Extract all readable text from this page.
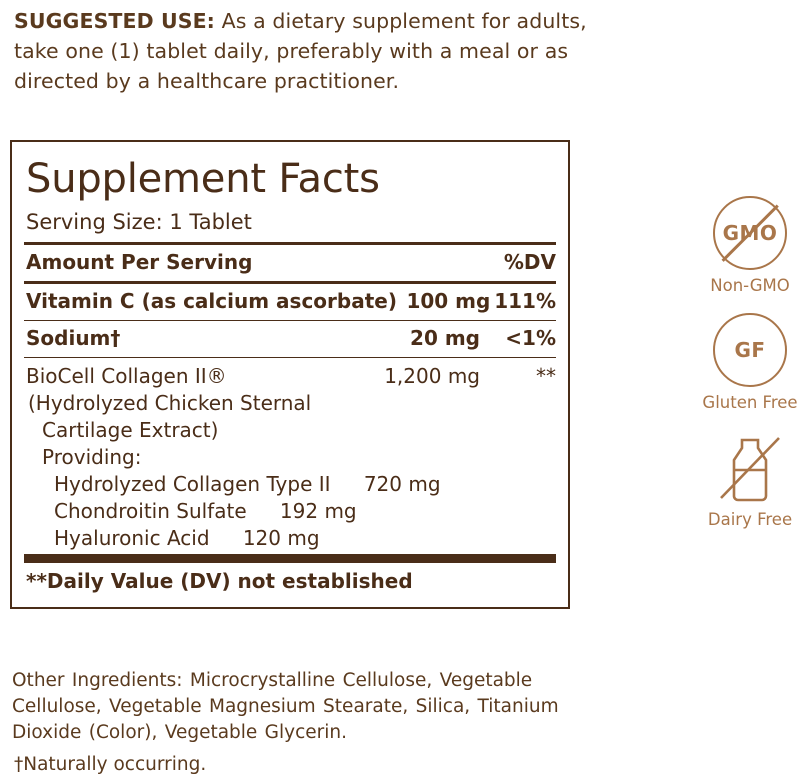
SUGGESTED USE: As a dietary supplement for adults, take one (1) tablet daily, preferably with a meal or as directed by a healthcare practitioner.
Supplement Facts
Serving Size: 1 Tablet
Amount Per Serving	%DV
Vitamin C (as calcium ascorbate) 100 mg 111%
Sodium†	20 mg	<1%
BioCell Collagen II®	1,200 mg	**
(Hydrolyzed Chicken Sternal
Cartilage Extract)
Providing:
Hydrolyzed Collagen Type II	720 mg
Chondroitin Sulfate	192 mg
Hyaluronic Acid	120 mg
**Daily Value (DV) not established
Other Ingredients: Microcrystalline Cellulose, Vegetable Cellulose, Vegetable Magnesium Stearate, Silica, Titanium Dioxide (Color), Vegetable Glycerin.
†Naturally occurring.
GMO
Non-GMO
GF
Gluten Free
Dairy Free
